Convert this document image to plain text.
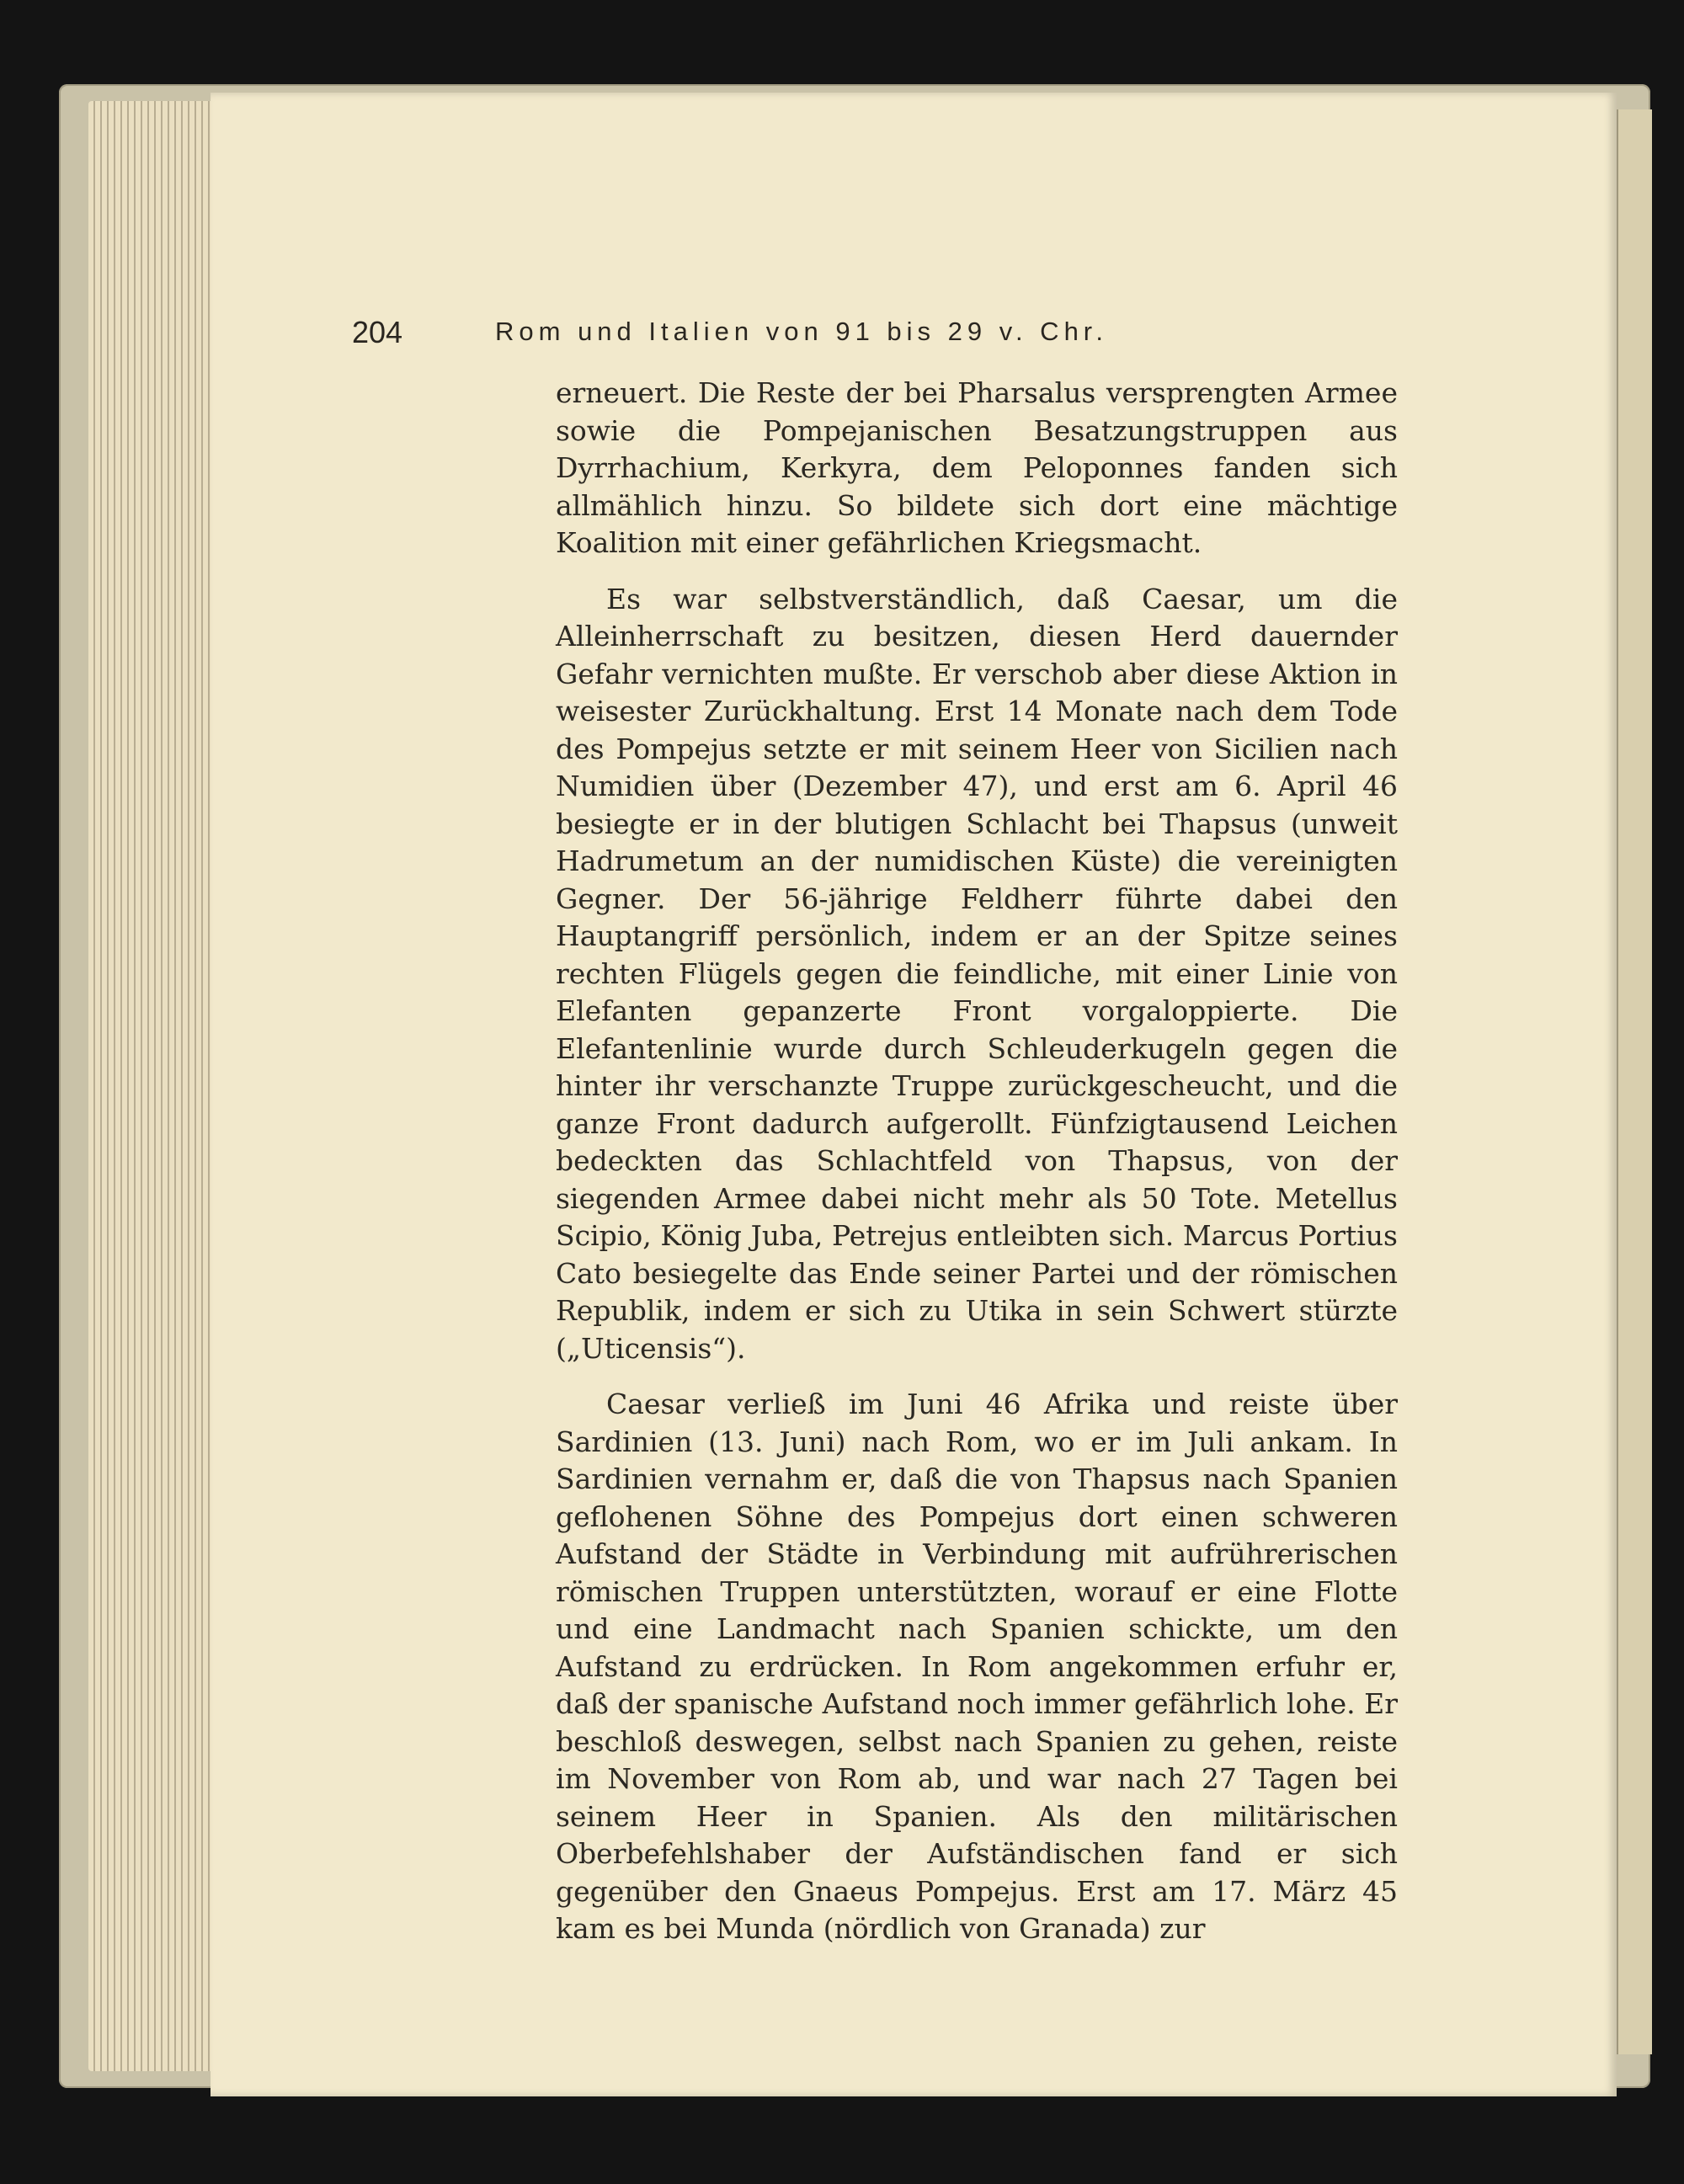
204	Rom und Italien von 91 bis 29 v. Chr.

erneuert. Die Reste der bei Pharsalus versprengten Armee sowie die Pompejanischen Besatzungstruppen aus Dyrrhachium, Kerkyra, dem Peloponnes fanden sich allmählich hinzu. So bildete sich dort eine mächtige Koalition mit einer gefährlichen Kriegsmacht.

Es war selbstverständlich, daß Caesar, um die Alleinherrschaft zu besitzen, diesen Herd dauernder Gefahr vernichten mußte. Er verschob aber diese Aktion in weisester Zurückhaltung. Erst 14 Monate nach dem Tode des Pompejus setzte er mit seinem Heer von Sicilien nach Numidien über (Dezember 47), und erst am 6. April 46 besiegte er in der blutigen Schlacht bei Thapsus (unweit Hadrumetum an der numidischen Küste) die vereinigten Gegner. Der 56-jährige Feldherr führte dabei den Hauptangriff persönlich, indem er an der Spitze seines rechten Flügels gegen die feindliche, mit einer Linie von Elefanten gepanzerte Front vorgaloppierte. Die Elefantenlinie wurde durch Schleuderkugeln gegen die hinter ihr verschanzte Truppe zurückgescheucht, und die ganze Front dadurch aufgerollt. Fünfzigtausend Leichen bedeckten das Schlachtfeld von Thapsus, von der siegenden Armee dabei nicht mehr als 50 Tote. Metellus Scipio, König Juba, Petrejus entleibten sich. Marcus Portius Cato besiegelte das Ende seiner Partei und der römischen Republik, indem er sich zu Utika in sein Schwert stürzte („Uticensis“).

Caesar verließ im Juni 46 Afrika und reiste über Sardinien (13. Juni) nach Rom, wo er im Juli ankam. In Sardinien vernahm er, daß die von Thapsus nach Spanien geflohenen Söhne des Pompejus dort einen schweren Aufstand der Städte in Verbindung mit aufrührerischen römischen Truppen unterstützten, worauf er eine Flotte und eine Landmacht nach Spanien schickte, um den Aufstand zu erdrücken. In Rom angekommen erfuhr er, daß der spanische Aufstand noch immer gefährlich lohe. Er beschloß deswegen, selbst nach Spanien zu gehen, reiste im November von Rom ab, und war nach 27 Tagen bei seinem Heer in Spanien. Als den militärischen Oberbefehlshaber der Aufständischen fand er sich gegenüber den Gnaeus Pompejus. Erst am 17. März 45 kam es bei Munda (nördlich von Granada) zur
